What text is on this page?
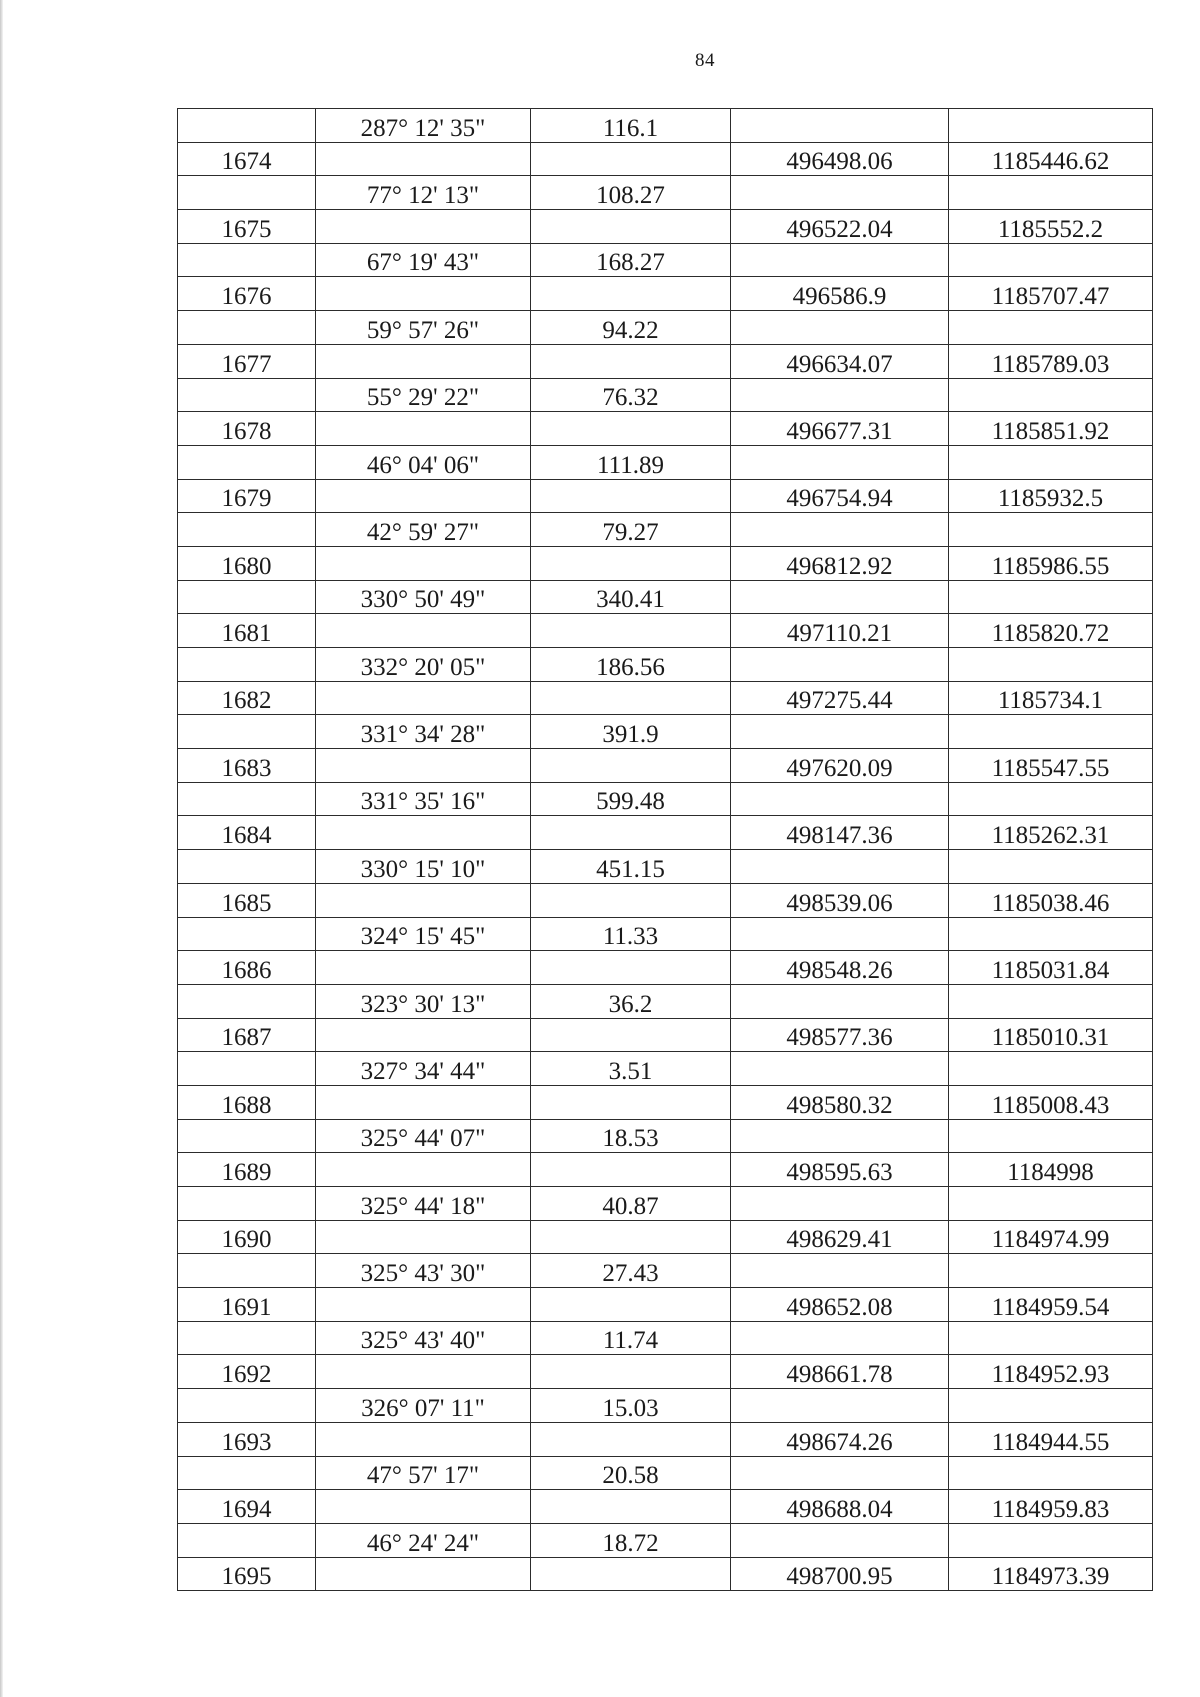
84
	287° 12' 35"	116.1		
1674			496498.06	1185446.62
	77° 12' 13"	108.27		
1675			496522.04	1185552.2
	67° 19' 43"	168.27		
1676			496586.9	1185707.47
	59° 57' 26"	94.22		
1677			496634.07	1185789.03
	55° 29' 22"	76.32		
1678			496677.31	1185851.92
	46° 04' 06"	111.89		
1679			496754.94	1185932.5
	42° 59' 27"	79.27		
1680			496812.92	1185986.55
	330° 50' 49"	340.41		
1681			497110.21	1185820.72
	332° 20' 05"	186.56		
1682			497275.44	1185734.1
	331° 34' 28"	391.9		
1683			497620.09	1185547.55
	331° 35' 16"	599.48		
1684			498147.36	1185262.31
	330° 15' 10"	451.15		
1685			498539.06	1185038.46
	324° 15' 45"	11.33		
1686			498548.26	1185031.84
	323° 30' 13"	36.2		
1687			498577.36	1185010.31
	327° 34' 44"	3.51		
1688			498580.32	1185008.43
	325° 44' 07"	18.53		
1689			498595.63	1184998
	325° 44' 18"	40.87		
1690			498629.41	1184974.99
	325° 43' 30"	27.43		
1691			498652.08	1184959.54
	325° 43' 40"	11.74		
1692			498661.78	1184952.93
	326° 07' 11"	15.03		
1693			498674.26	1184944.55
	47° 57' 17"	20.58		
1694			498688.04	1184959.83
	46° 24' 24"	18.72		
1695			498700.95	1184973.39
